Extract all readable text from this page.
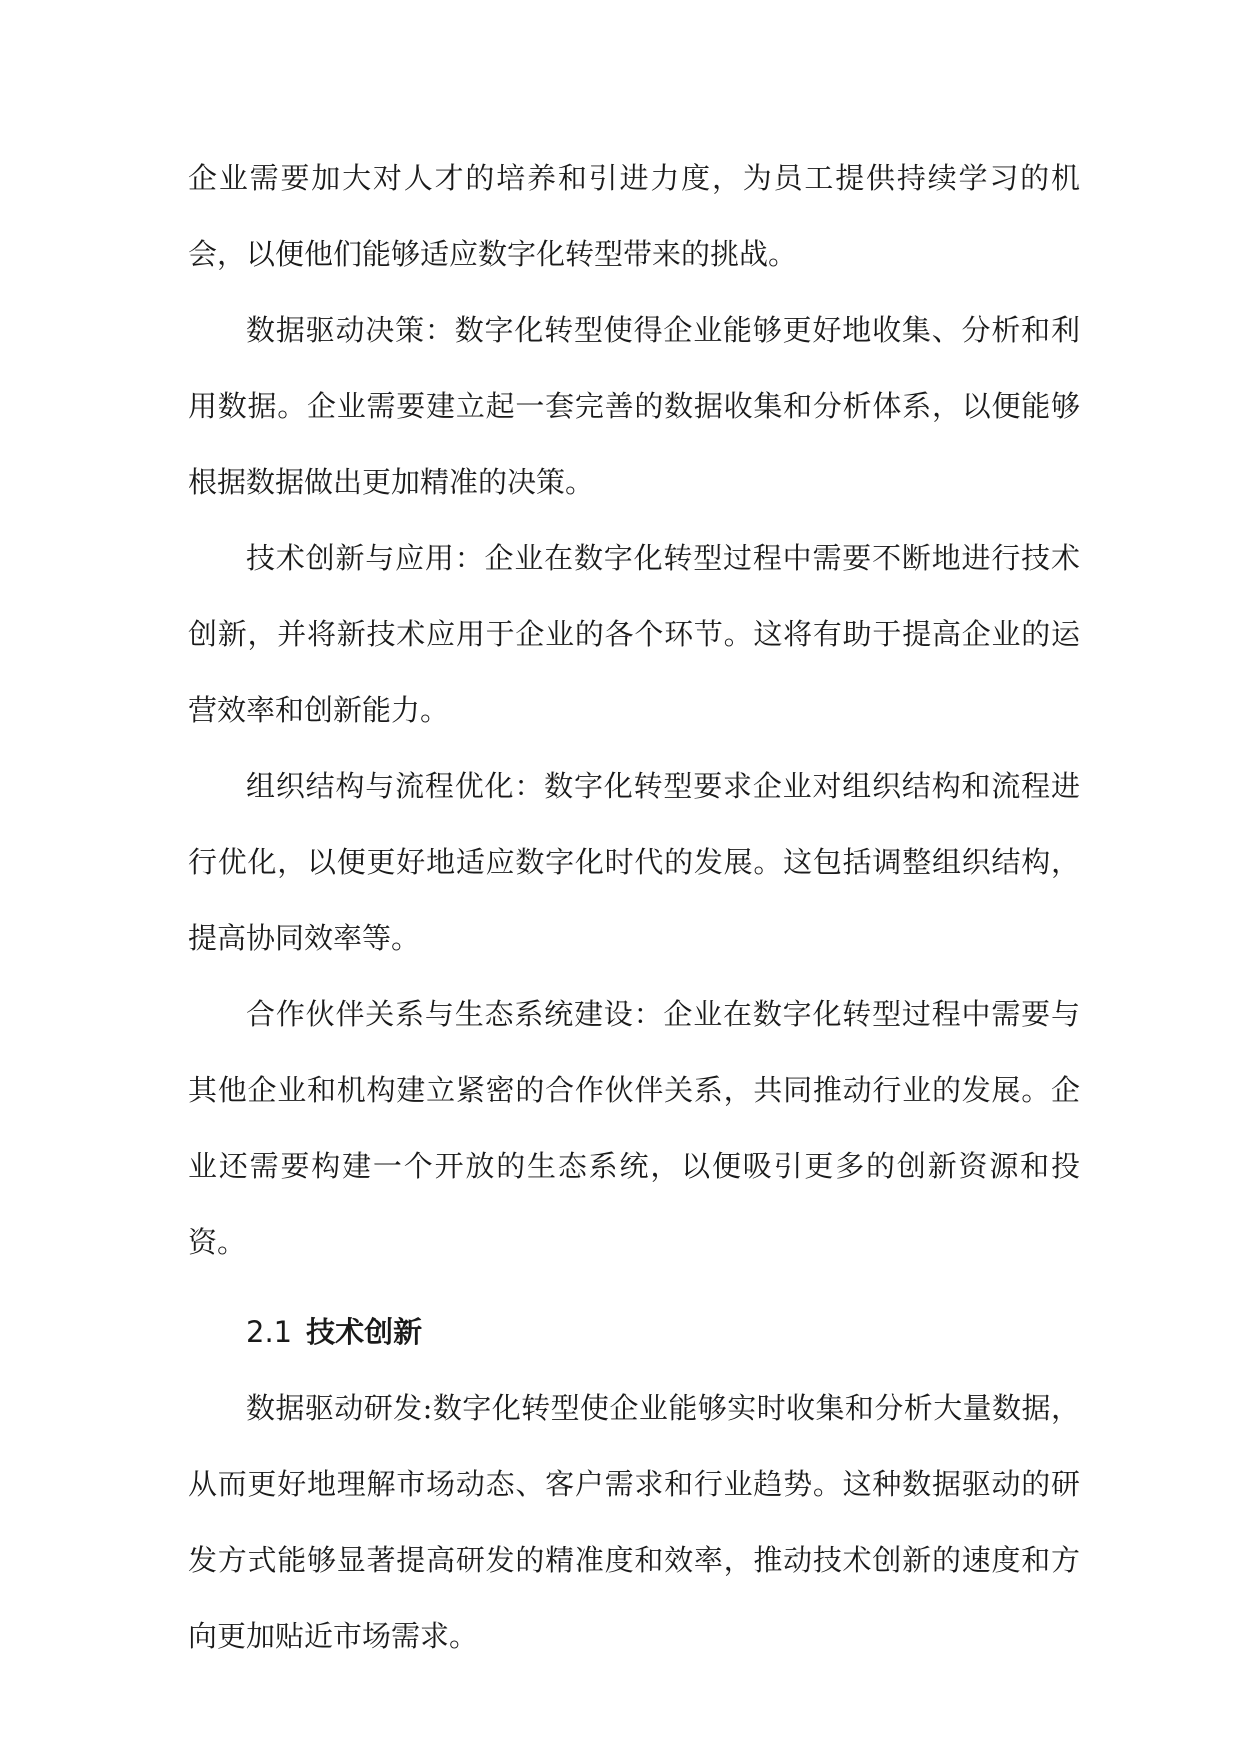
企业需要加大对人才的培养和引进力度，为员工提供持续学习的机会，以便他们能够适应数字化转型带来的挑战。

数据驱动决策：数字化转型使得企业能够更好地收集、分析和利用数据。企业需要建立起一套完善的数据收集和分析体系，以便能够根据数据做出更加精准的决策。

技术创新与应用：企业在数字化转型过程中需要不断地进行技术创新，并将新技术应用于企业的各个环节。这将有助于提高企业的运营效率和创新能力。

组织结构与流程优化：数字化转型要求企业对组织结构和流程进行优化，以便更好地适应数字化时代的发展。这包括调整组织结构，提高协同效率等。

合作伙伴关系与生态系统建设：企业在数字化转型过程中需要与其他企业和机构建立紧密的合作伙伴关系，共同推动行业的发展。企业还需要构建一个开放的生态系统，以便吸引更多的创新资源和投资。

2.1 技术创新

数据驱动研发:数字化转型使企业能够实时收集和分析大量数据，从而更好地理解市场动态、客户需求和行业趋势。这种数据驱动的研发方式能够显著提高研发的精准度和效率，推动技术创新的速度和方向更加贴近市场需求。
